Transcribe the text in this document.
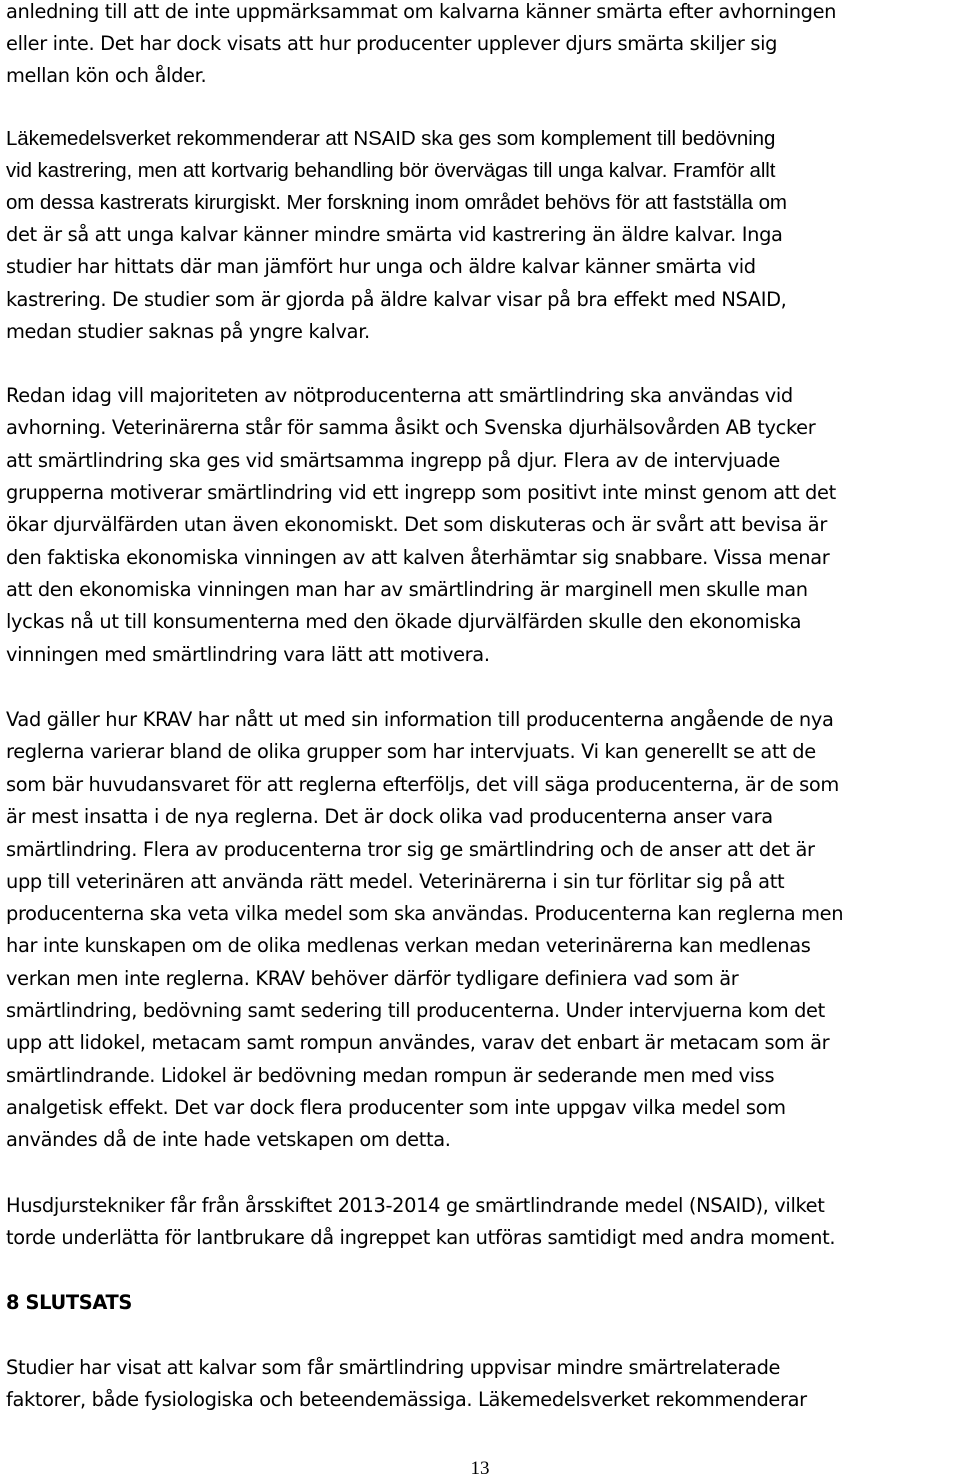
anledning till att de inte uppmärksammat om kalvarna känner smärta efter avhorningen
eller inte. Det har dock visats att hur producenter upplever djurs smärta skiljer sig
mellan kön och ålder.
Läkemedelsverket rekommenderar att NSAID ska ges som komplement till bedövning
vid kastrering, men att kortvarig behandling bör övervägas till unga kalvar. Framför allt
om dessa kastrerats kirurgiskt. Mer forskning inom området behövs för att fastställa om
det är så att unga kalvar känner mindre smärta vid kastrering än äldre kalvar. Inga
studier har hittats där man jämfört hur unga och äldre kalvar känner smärta vid
kastrering. De studier som är gjorda på äldre kalvar visar på bra effekt med NSAID,
medan studier saknas på yngre kalvar.
Redan idag vill majoriteten av nötproducenterna att smärtlindring ska användas vid
avhorning. Veterinärerna står för samma åsikt och Svenska djurhälsovården AB tycker
att smärtlindring ska ges vid smärtsamma ingrepp på djur. Flera av de intervjuade
grupperna motiverar smärtlindring vid ett ingrepp som positivt inte minst genom att det
ökar djurvälfärden utan även ekonomiskt. Det som diskuteras och är svårt att bevisa är
den faktiska ekonomiska vinningen av att kalven återhämtar sig snabbare. Vissa menar
att den ekonomiska vinningen man har av smärtlindring är marginell men skulle man
lyckas nå ut till konsumenterna med den ökade djurvälfärden skulle den ekonomiska
vinningen med smärtlindring vara lätt att motivera.
Vad gäller hur KRAV har nått ut med sin information till producenterna angående de nya
reglerna varierar bland de olika grupper som har intervjuats. Vi kan generellt se att de
som bär huvudansvaret för att reglerna efterföljs, det vill säga producenterna, är de som
är mest insatta i de nya reglerna. Det är dock olika vad producenterna anser vara
smärtlindring. Flera av producenterna tror sig ge smärtlindring och de anser att det är
upp till veterinären att använda rätt medel. Veterinärerna i sin tur förlitar sig på att
producenterna ska veta vilka medel som ska användas. Producenterna kan reglerna men
har inte kunskapen om de olika medlenas verkan medan veterinärerna kan medlenas
verkan men inte reglerna. KRAV behöver därför tydligare definiera vad som är
smärtlindring, bedövning samt sedering till producenterna. Under intervjuerna kom det
upp att lidokel, metacam samt rompun användes, varav det enbart är metacam som är
smärtlindrande. Lidokel är bedövning medan rompun är sederande men med viss
analgetisk effekt. Det var dock flera producenter som inte uppgav vilka medel som
användes då de inte hade vetskapen om detta.
Husdjurstekniker får från årsskiftet 2013-2014 ge smärtlindrande medel (NSAID), vilket
torde underlätta för lantbrukare då ingreppet kan utföras samtidigt med andra moment.
8 SLUTSATS
Studier har visat att kalvar som får smärtlindring uppvisar mindre smärtrelaterade
faktorer, både fysiologiska och beteendemässiga. Läkemedelsverket rekommenderar
13
